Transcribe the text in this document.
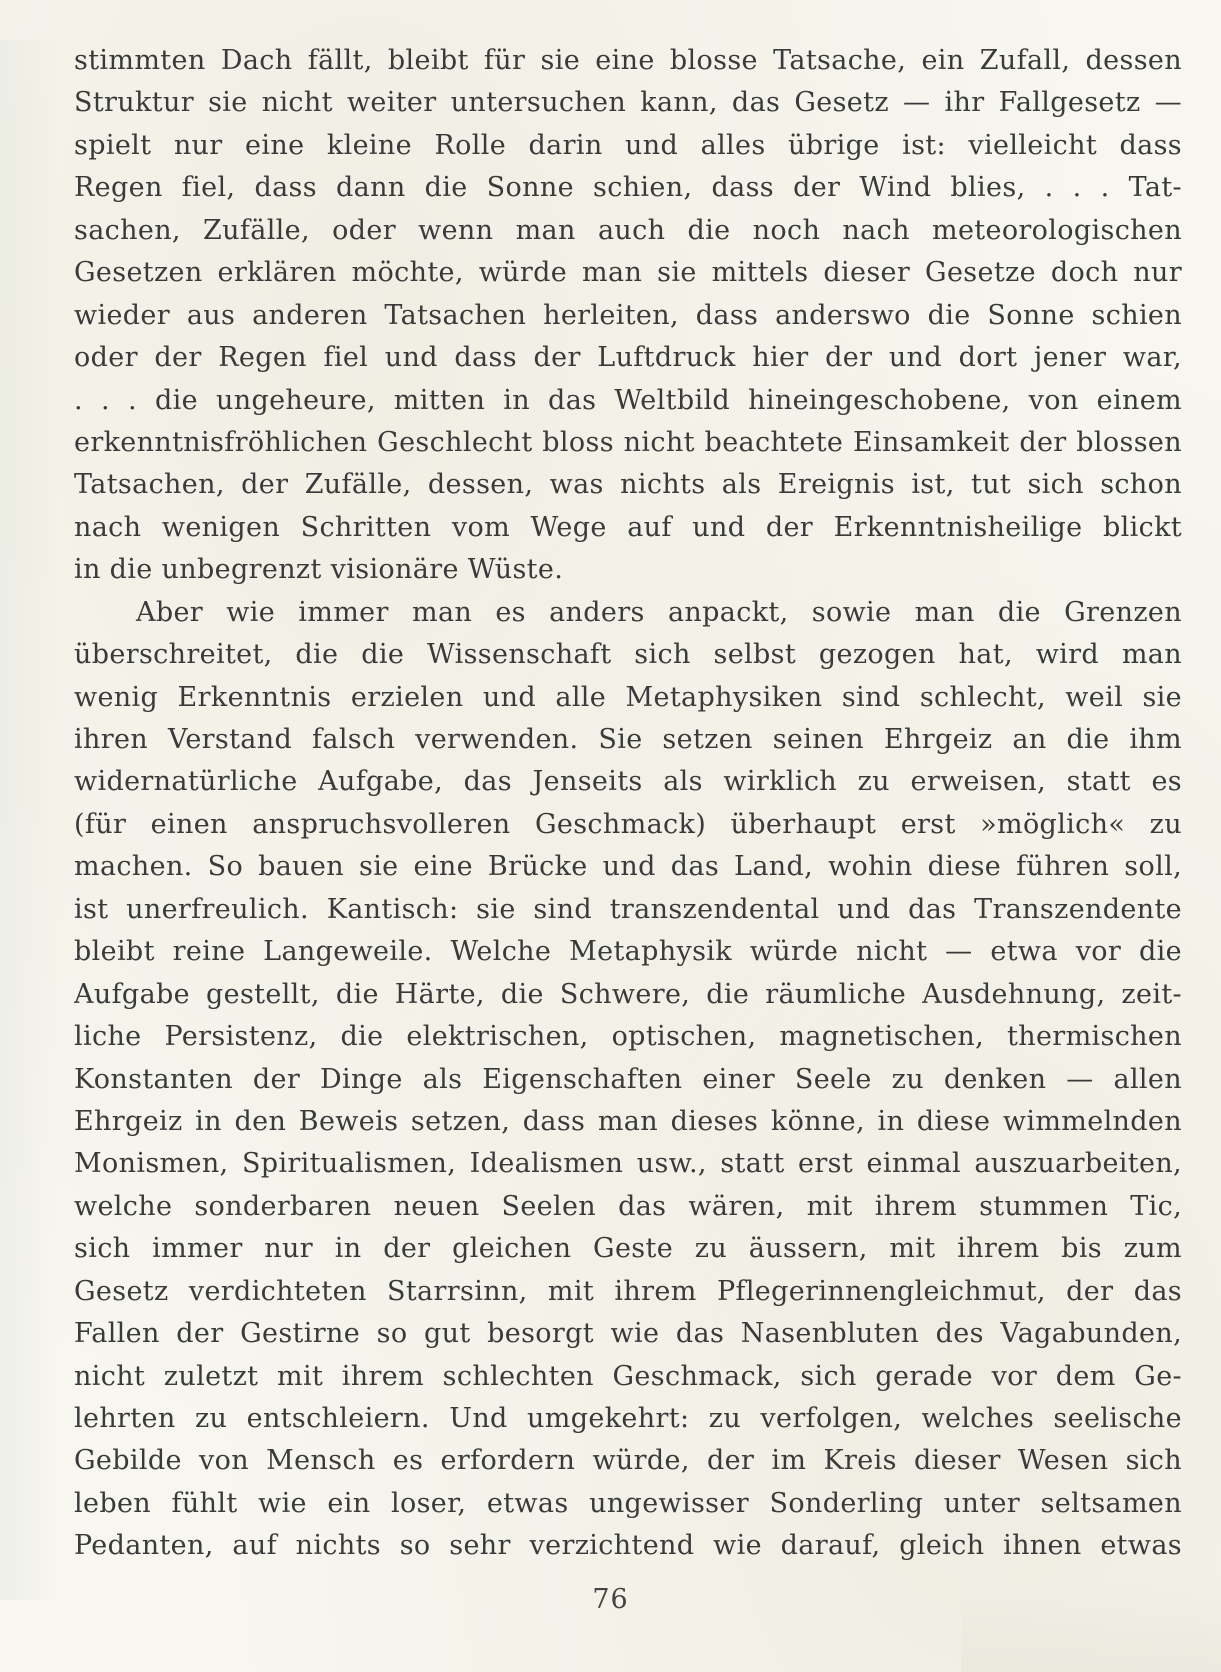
stimmten Dach fällt, bleibt für sie eine blosse Tatsache, ein Zufall, dessen
Struktur sie nicht weiter untersuchen kann, das Gesetz — ihr Fallgesetz —
spielt nur eine kleine Rolle darin und alles übrige ist: vielleicht dass
Regen fiel, dass dann die Sonne schien, dass der Wind blies, . . . Tat-
sachen, Zufälle, oder wenn man auch die noch nach meteorologischen
Gesetzen erklären möchte, würde man sie mittels dieser Gesetze doch nur
wieder aus anderen Tatsachen herleiten, dass anderswo die Sonne schien
oder der Regen fiel und dass der Luftdruck hier der und dort jener war,
. . . die ungeheure, mitten in das Weltbild hineingeschobene, von einem
erkenntnisfröhlichen Geschlecht bloss nicht beachtete Einsamkeit der blossen
Tatsachen, der Zufälle, dessen, was nichts als Ereignis ist, tut sich schon
nach wenigen Schritten vom Wege auf und der Erkenntnisheilige blickt
in die unbegrenzt visionäre Wüste.
Aber wie immer man es anders anpackt, sowie man die Grenzen
überschreitet, die die Wissenschaft sich selbst gezogen hat, wird man
wenig Erkenntnis erzielen und alle Metaphysiken sind schlecht, weil sie
ihren Verstand falsch verwenden. Sie setzen seinen Ehrgeiz an die ihm
widernatürliche Aufgabe, das Jenseits als wirklich zu erweisen, statt es
(für einen anspruchsvolleren Geschmack) überhaupt erst »möglich« zu
machen. So bauen sie eine Brücke und das Land, wohin diese führen soll,
ist unerfreulich. Kantisch: sie sind transzendental und das Transzendente
bleibt reine Langeweile. Welche Metaphysik würde nicht — etwa vor die
Aufgabe gestellt, die Härte, die Schwere, die räumliche Ausdehnung, zeit-
liche Persistenz, die elektrischen, optischen, magnetischen, thermischen
Konstanten der Dinge als Eigenschaften einer Seele zu denken — allen
Ehrgeiz in den Beweis setzen, dass man dieses könne, in diese wimmelnden
Monismen, Spiritualismen, Idealismen usw., statt erst einmal auszuarbeiten,
welche sonderbaren neuen Seelen das wären, mit ihrem stummen Tic,
sich immer nur in der gleichen Geste zu äussern, mit ihrem bis zum
Gesetz verdichteten Starrsinn, mit ihrem Pflegerinnengleichmut, der das
Fallen der Gestirne so gut besorgt wie das Nasenbluten des Vagabunden,
nicht zuletzt mit ihrem schlechten Geschmack, sich gerade vor dem Ge-
lehrten zu entschleiern. Und umgekehrt: zu verfolgen, welches seelische
Gebilde von Mensch es erfordern würde, der im Kreis dieser Wesen sich
leben fühlt wie ein loser, etwas ungewisser Sonderling unter seltsamen
Pedanten, auf nichts so sehr verzichtend wie darauf, gleich ihnen etwas
76
